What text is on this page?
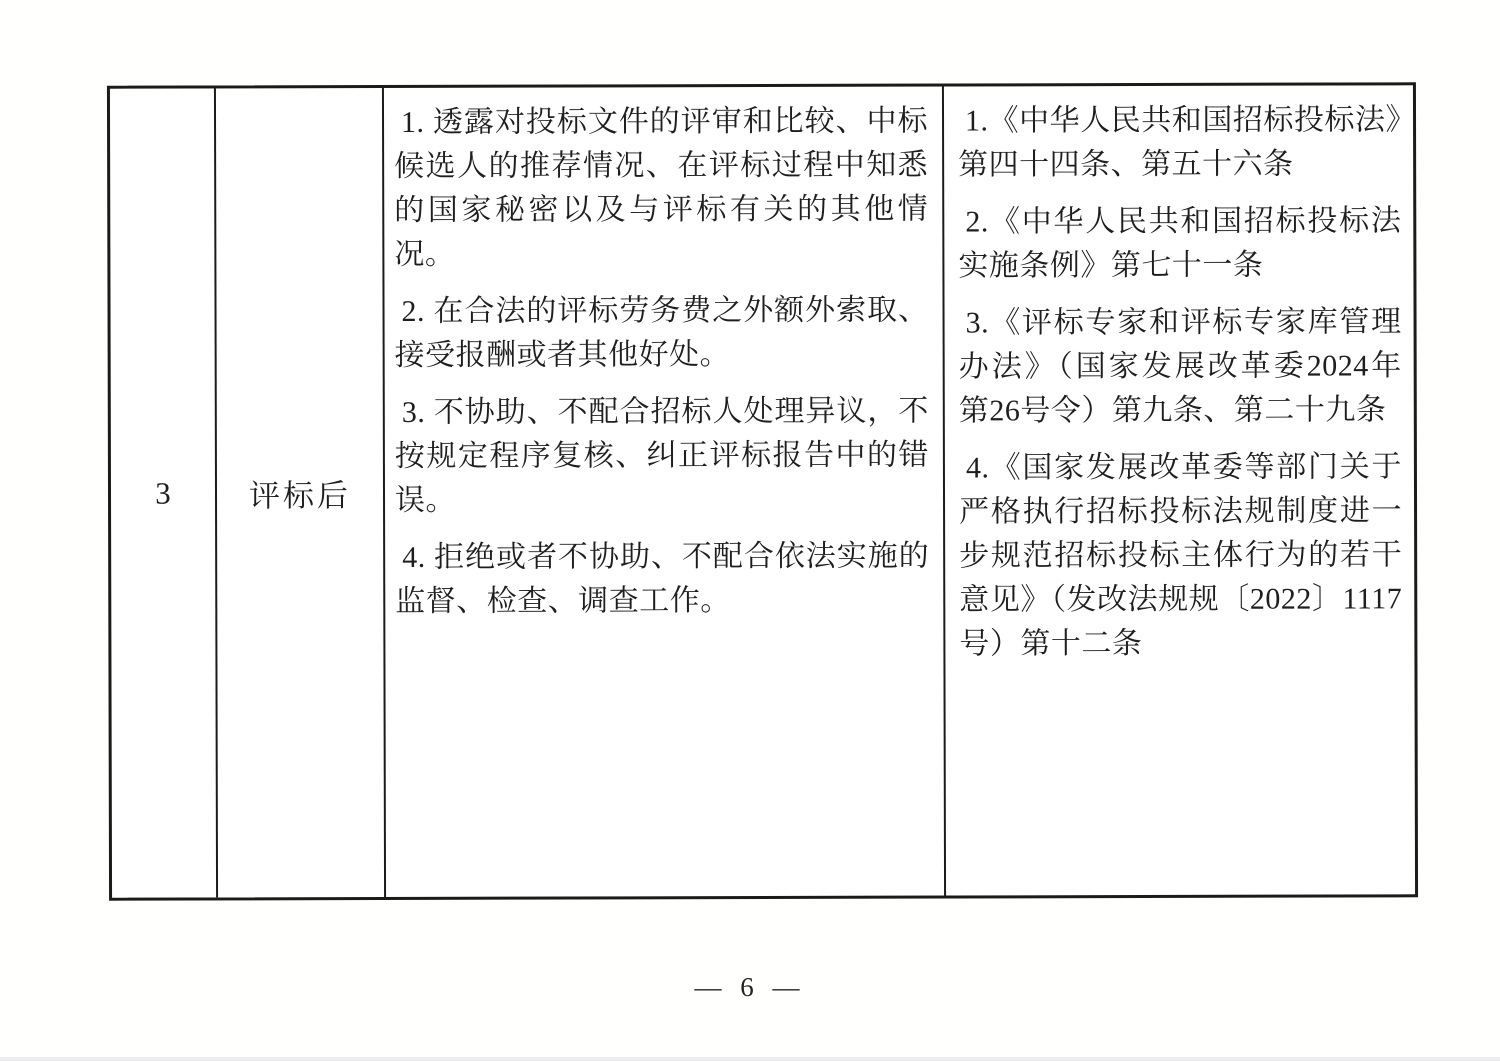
3	评标后

1. 透露对投标文件的评审和比较、中标候选人的推荐情况、在评标过程中知悉的国家秘密以及与评标有关的其他情况。

2. 在合法的评标劳务费之外额外索取、接受报酬或者其他好处。

3. 不协助、不配合招标人处理异议，不按规定程序复核、纠正评标报告中的错误。

4. 拒绝或者不协助、不配合依法实施的监督、检查、调查工作。

1.《中华人民共和国招标投标法》第四十四条、第五十六条

2.《中华人民共和国招标投标法实施条例》第七十一条

3.《评标专家和评标专家库管理办法》（国家发展改革委2024年第26号令）第九条、第二十九条

4.《国家发展改革委等部门关于严格执行招标投标法规制度进一步规范招标投标主体行为的若干意见》（发改法规规〔2022〕1117号）第十二条

— 6 —
